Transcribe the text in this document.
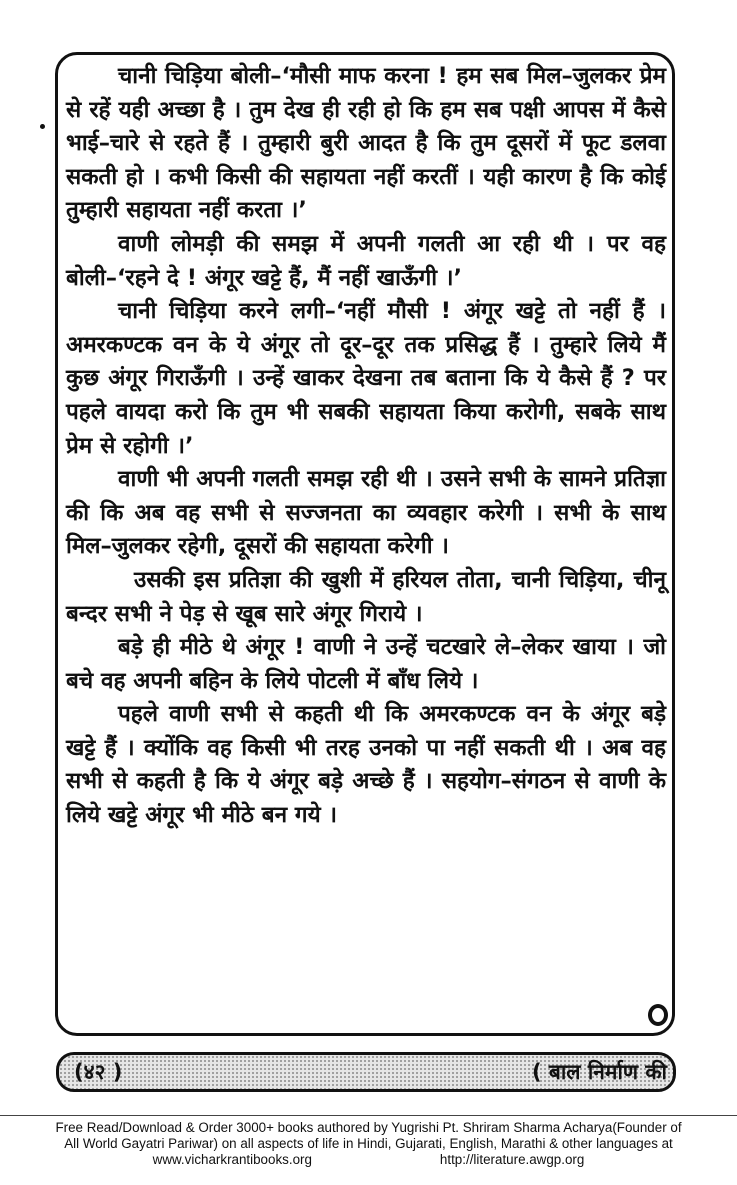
चानी चिड़िया बोली–‘मौसी माफ करना ! हम सब मिल–जुलकर प्रेम से रहें यही अच्छा है । तुम देख ही रही हो कि हम सब पक्षी आपस में कैसे भाई–चारे से रहते हैं । तुम्हारी बुरी आदत है कि तुम दूसरों में फूट डलवा सकती हो । कभी किसी की सहायता नहीं करतीं । यही कारण है कि कोई तुम्हारी सहायता नहीं करता ।’

वाणी लोमड़ी की समझ में अपनी गलती आ रही थी । पर वह बोली–‘रहने दे ! अंगूर खट्टे हैं, मैं नहीं खाऊँगी ।’

चानी चिड़िया करने लगी–‘नहीं मौसी ! अंगूर खट्टे तो नहीं हैं । अमरकण्टक वन के ये अंगूर तो दूर–दूर तक प्रसिद्ध हैं । तुम्हारे लिये मैं कुछ अंगूर गिराऊँगी । उन्हें खाकर देखना तब बताना कि ये कैसे हैं ? पर पहले वायदा करो कि तुम भी सबकी सहायता किया करोगी, सबके साथ प्रेम से रहोगी ।’

वाणी भी अपनी गलती समझ रही थी । उसने सभी के सामने प्रतिज्ञा की कि अब वह सभी से सज्जनता का व्यवहार करेगी । सभी के साथ मिल–जुलकर रहेगी, दूसरों की सहायता करेगी ।

उसकी इस प्रतिज्ञा की खुशी में हरियल तोता, चानी चिड़िया, चीनू बन्दर सभी ने पेड़ से खूब सारे अंगूर गिराये ।

बड़े ही मीठे थे अंगूर ! वाणी ने उन्हें चटखारे ले–लेकर खाया । जो बचे वह अपनी बहिन के लिये पोटली में बाँध लिये ।

पहले वाणी सभी से कहती थी कि अमरकण्टक वन के अंगूर बड़े खट्टे हैं । क्योंकि वह किसी भी तरह उनको पा नहीं सकती थी । अब वह सभी से कहती है कि ये अंगूर बड़े अच्छे हैं । सहयोग–संगठन से वाणी के लिये खट्टे अंगूर भी मीठे बन गये ।

(४२ )	( बाल निर्माण की
Free Read/Download & Order 3000+ books authored by Yugrishi Pt. Shriram Sharma Acharya(Founder of
All World Gayatri Pariwar) on all aspects of life in Hindi, Gujarati, English, Marathi & other languages at
www.vicharkrantibooks.org	http://literature.awgp.org
